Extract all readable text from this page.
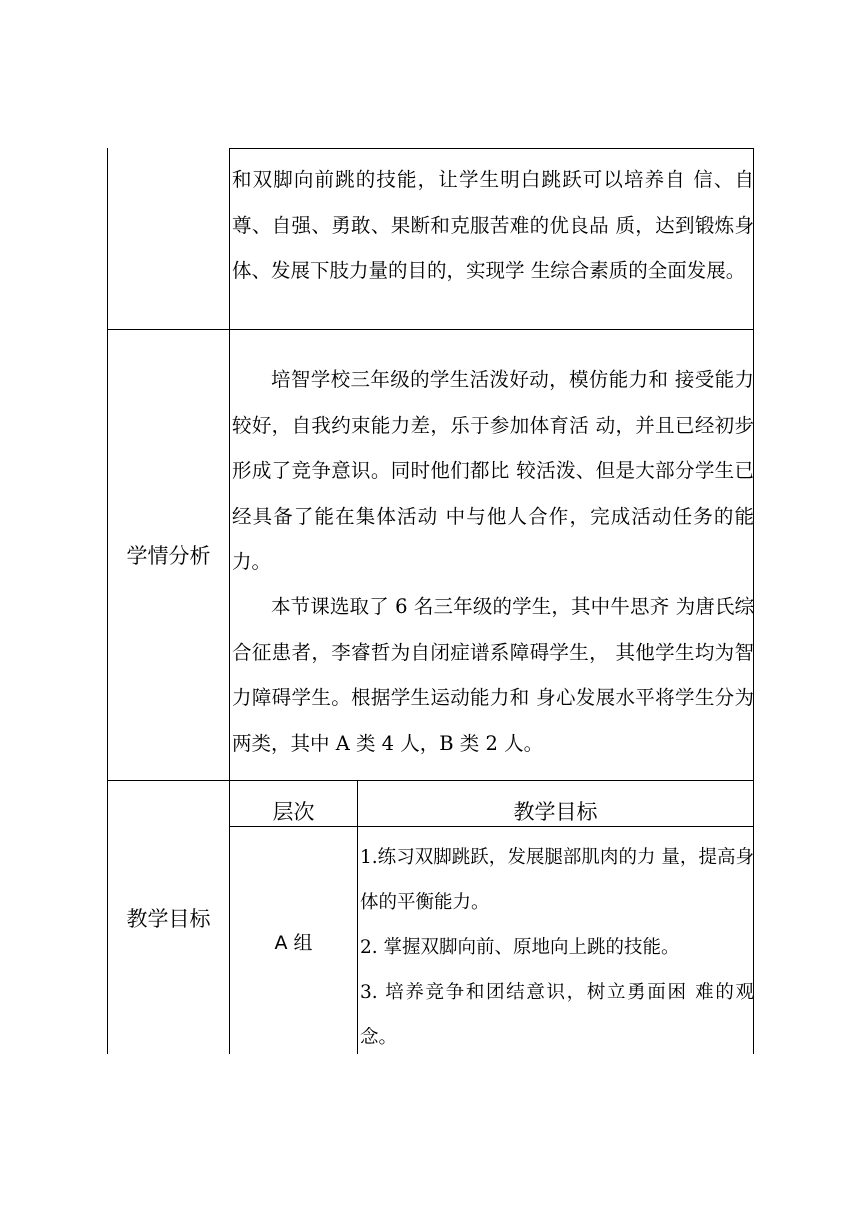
和双脚向前跳的技能，让学生明白跳跃可以培养自 信、自尊、自强、勇敢、果断和克服苦难的优良品 质，达到锻炼身体、发展下肢力量的目的，实现学 生综合素质的全面发展。

学情分析

培智学校三年级的学生活泼好动，模仿能力和 接受能力较好，自我约束能力差，乐于参加体育活 动，并且已经初步形成了竞争意识。同时他们都比 较活泼、但是大部分学生已经具备了能在集体活动 中与他人合作，完成活动任务的能力。

本节课选取了 6 名三年级的学生，其中牛思齐 为唐氏综合征患者，李睿哲为自闭症谱系障碍学生， 其他学生均为智力障碍学生。根据学生运动能力和 身心发展水平将学生分为两类，其中 A 类 4 人，B 类 2 人。

教学目标
层次	教学目标
A 组

1.练习双脚跳跃，发展腿部肌肉的力 量，提高身体的平衡能力。

2. 掌握双脚向前、原地向上跳的技能。

3. 培养竞争和团结意识，树立勇面困 难的观念。
